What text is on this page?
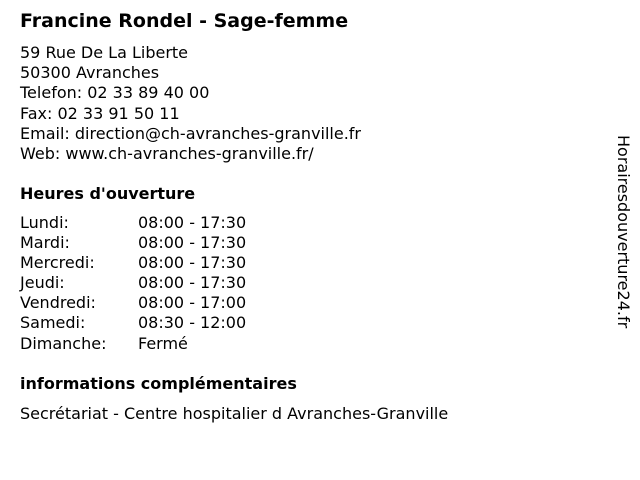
Francine Rondel - Sage-femme
59 Rue De La Liberte
50300 Avranches
Telefon: 02 33 89 40 00
Fax: 02 33 91 50 11
Email: direction@ch-avranches-granville.fr
Web: www.ch-avranches-granville.fr/
Heures d'ouverture
Lundi:	08:00 - 17:30
Mardi:	08:00 - 17:30
Mercredi:	08:00 - 17:30
Jeudi:	08:00 - 17:30
Vendredi:	08:00 - 17:00
Samedi:	08:30 - 12:00
Dimanche:	Fermé
informations complémentaires
Secrétariat - Centre hospitalier d Avranches-Granville
Horairesdouverture24.fr
